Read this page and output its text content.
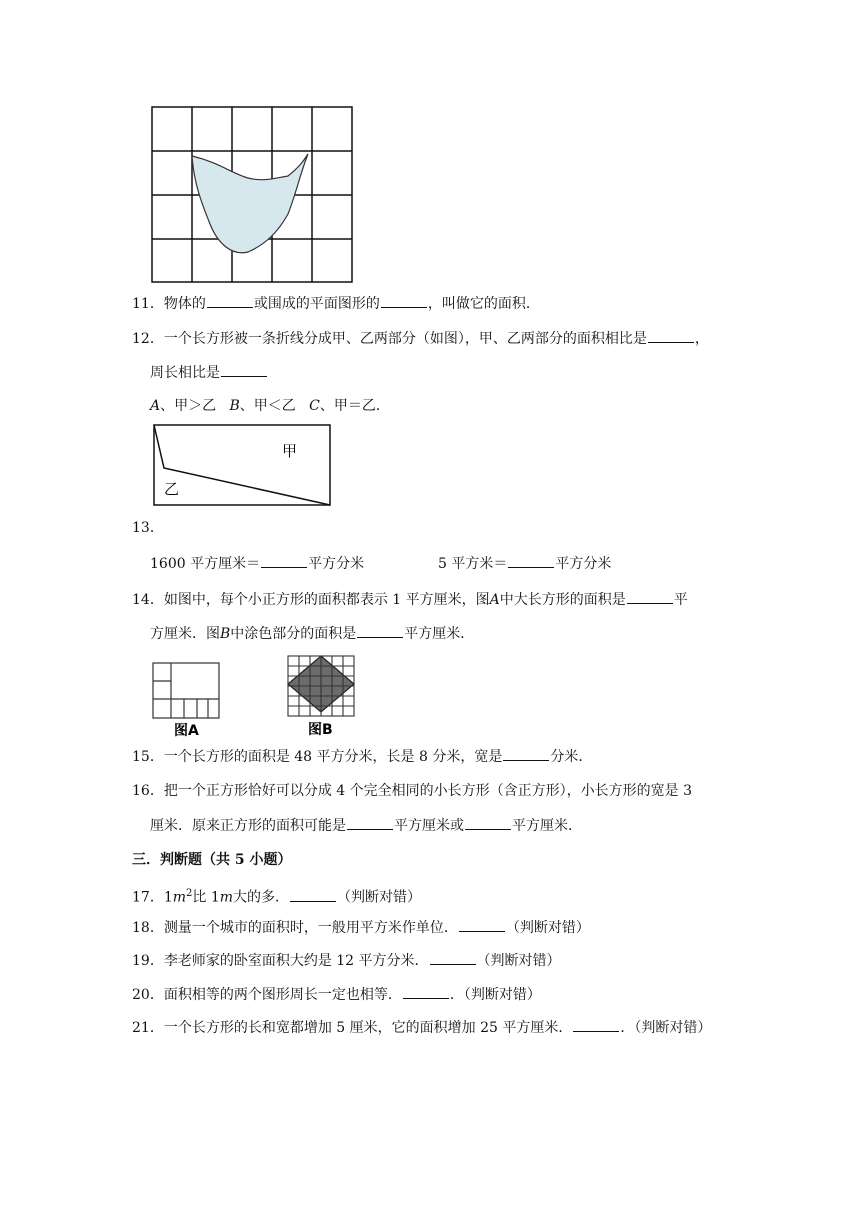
11．物体的	或围成的平面图形的	，叫做它的面积．
12．一个长方形被一条折线分成甲、乙两部分（如图），甲、乙两部分的面积相比是	，
周长相比是
A、甲＞乙 B、甲＜乙 C、甲＝乙．
甲
乙
13．
1600 平方厘米＝	平方分米	5 平方米＝	平方分米
14．如图中，每个小正方形的面积都表示 1 平方厘米，图A中大长方形的面积是	平
方厘米．图B中涂色部分的面积是	平方厘米．
图A	图B
15．一个长方形的面积是 48 平方分米，长是 8 分米，宽是	分米．
16．把一个正方形恰好可以分成 4 个完全相同的小长方形（含正方形），小长方形的宽是 3
厘米．原来正方形的面积可能是	平方厘米或	平方厘米．
三．判断题（共 5 小题）
17．$1m^2$比 1m大的多．	（判断对错）
18．测量一个城市的面积时，一般用平方米作单位．	（判断对错）
19．李老师家的卧室面积大约是 12 平方分米．	（判断对错）
20．面积相等的两个图形周长一定也相等．	．（判断对错）
21．一个长方形的长和宽都增加 5 厘米，它的面积增加 25 平方厘米．	．（判断对错）
